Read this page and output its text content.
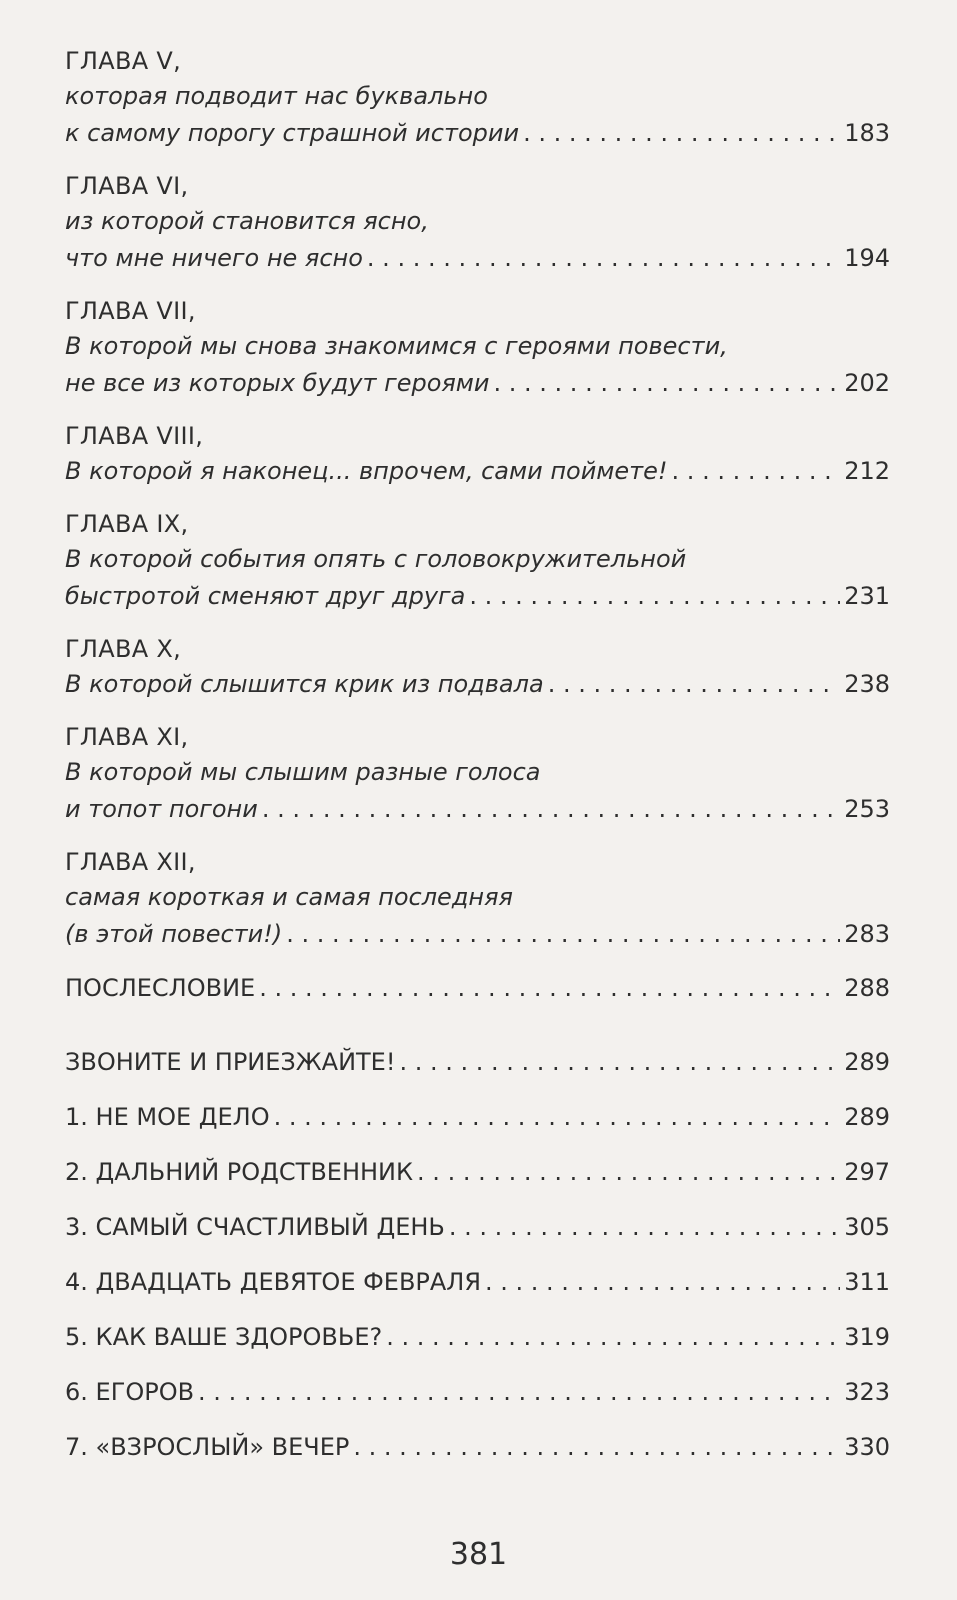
ГЛАВА V,
которая подводит нас буквально
к самому порогу страшной истории . . .	183
ГЛАВА VI,
из которой становится ясно,
что мне ничего не ясно . . .	194
ГЛАВА VII,
В которой мы снова знакомимся с героями повести,
не все из которых будут героями . . .	202
ГЛАВА VIII,
В которой я наконец... впрочем, сами поймете! . . .	212
ГЛАВА IX,
В которой события опять с головокружительной
быстротой сменяют друг друга . . .	231
ГЛАВА X,
В которой слышится крик из подвала . . .	238
ГЛАВА XI,
В которой мы слышим разные голоса
и топот погони . . .	253
ГЛАВА XII,
самая короткая и самая последняя
(в этой повести!) . . .	283
ПОСЛЕСЛОВИЕ . . .	288
ЗВОНИТЕ И ПРИЕЗЖАЙТЕ! . . .	289
1. НЕ МОЕ ДЕЛО . . .	289
2. ДАЛЬНИЙ РОДСТВЕННИК . . .	297
3. САМЫЙ СЧАСТЛИВЫЙ ДЕНЬ . . .	305
4. ДВАДЦАТЬ ДЕВЯТОЕ ФЕВРАЛЯ . . .	311
5. КАК ВАШЕ ЗДОРОВЬЕ? . . .	319
6. ЕГОРОВ . . .	323
7. «ВЗРОСЛЫЙ» ВЕЧЕР . . .	330
381
